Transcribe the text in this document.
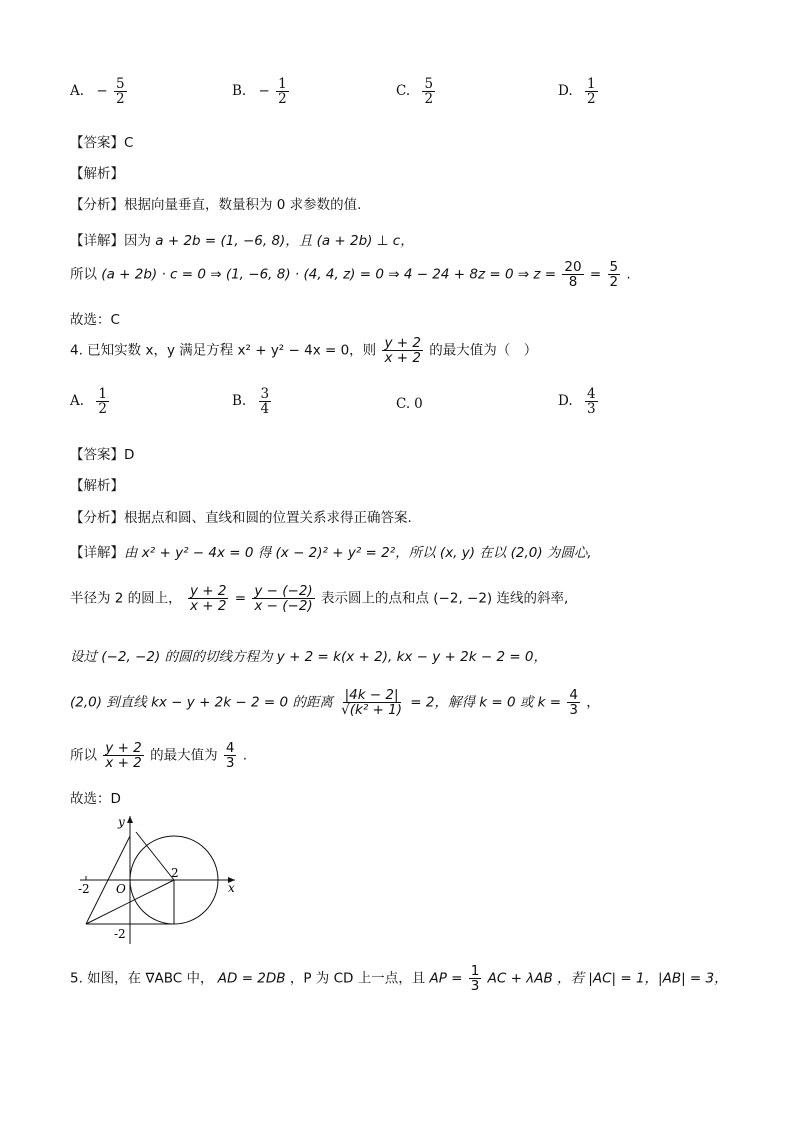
A. − $\frac{5}{2}$	B. − $\frac{1}{2}$	C. $\frac{5}{2}$	D. $\frac{1}{2}$
【答案】C
【解析】
【分析】根据向量垂直，数量积为 0 求参数的值.
【详解】因为 a + 2b = (1, −6, 8)，且 (a + 2b) ⊥ c，
所以 (a + 2b) · c = 0 ⇒ (1, −6, 8) · (4, 4, z) = 0 ⇒ 4 − 24 + 8z = 0 ⇒ $z = \frac{20}{8} = \frac{5}{2}$ .
故选：C
4. 已知实数 x，y 满足方程 x² + y² − 4x = 0，则 $\frac{y + 2}{x + 2}$ 的最大值为（　）
A. $\frac{1}{2}$	B. $\frac{3}{4}$	C. 0	D. $\frac{4}{3}$
【答案】D
【解析】
【分析】根据点和圆、直线和圆的位置关系求得正确答案.
【详解】由 x² + y² − 4x = 0 得 (x − 2)² + y² = 2²，所以 (x, y) 在以 (2,0) 为圆心,
半径为 2 的圆上， $\frac{y + 2}{x + 2} = \frac{y - (-2)}{x - (-2)}$ 表示圆上的点和点 (−2, −2) 连线的斜率,
设过 (−2, −2) 的圆的切线方程为 y + 2 = k(x + 2), kx − y + 2k − 2 = 0，
(2,0) 到直线 kx − y + 2k − 2 = 0 的距离 $\frac{|4k - 2|}{\text{√(k² + 1)}} = 2$，解得 k = 0 或 $k = \frac{4}{3}$ ，
所以 $\frac{y + 2}{x + 2}$ 的最大值为 $\frac{4}{3}$ .
故选：D
y
x
O
2
-2
-2
5. 如图，在 ∇ABC 中， AD = 2DB ，P 为 CD 上一点，且 AP = $\frac{1}{3}$ AC + λAB ，若 |AC| = 1，|AB| = 3，
